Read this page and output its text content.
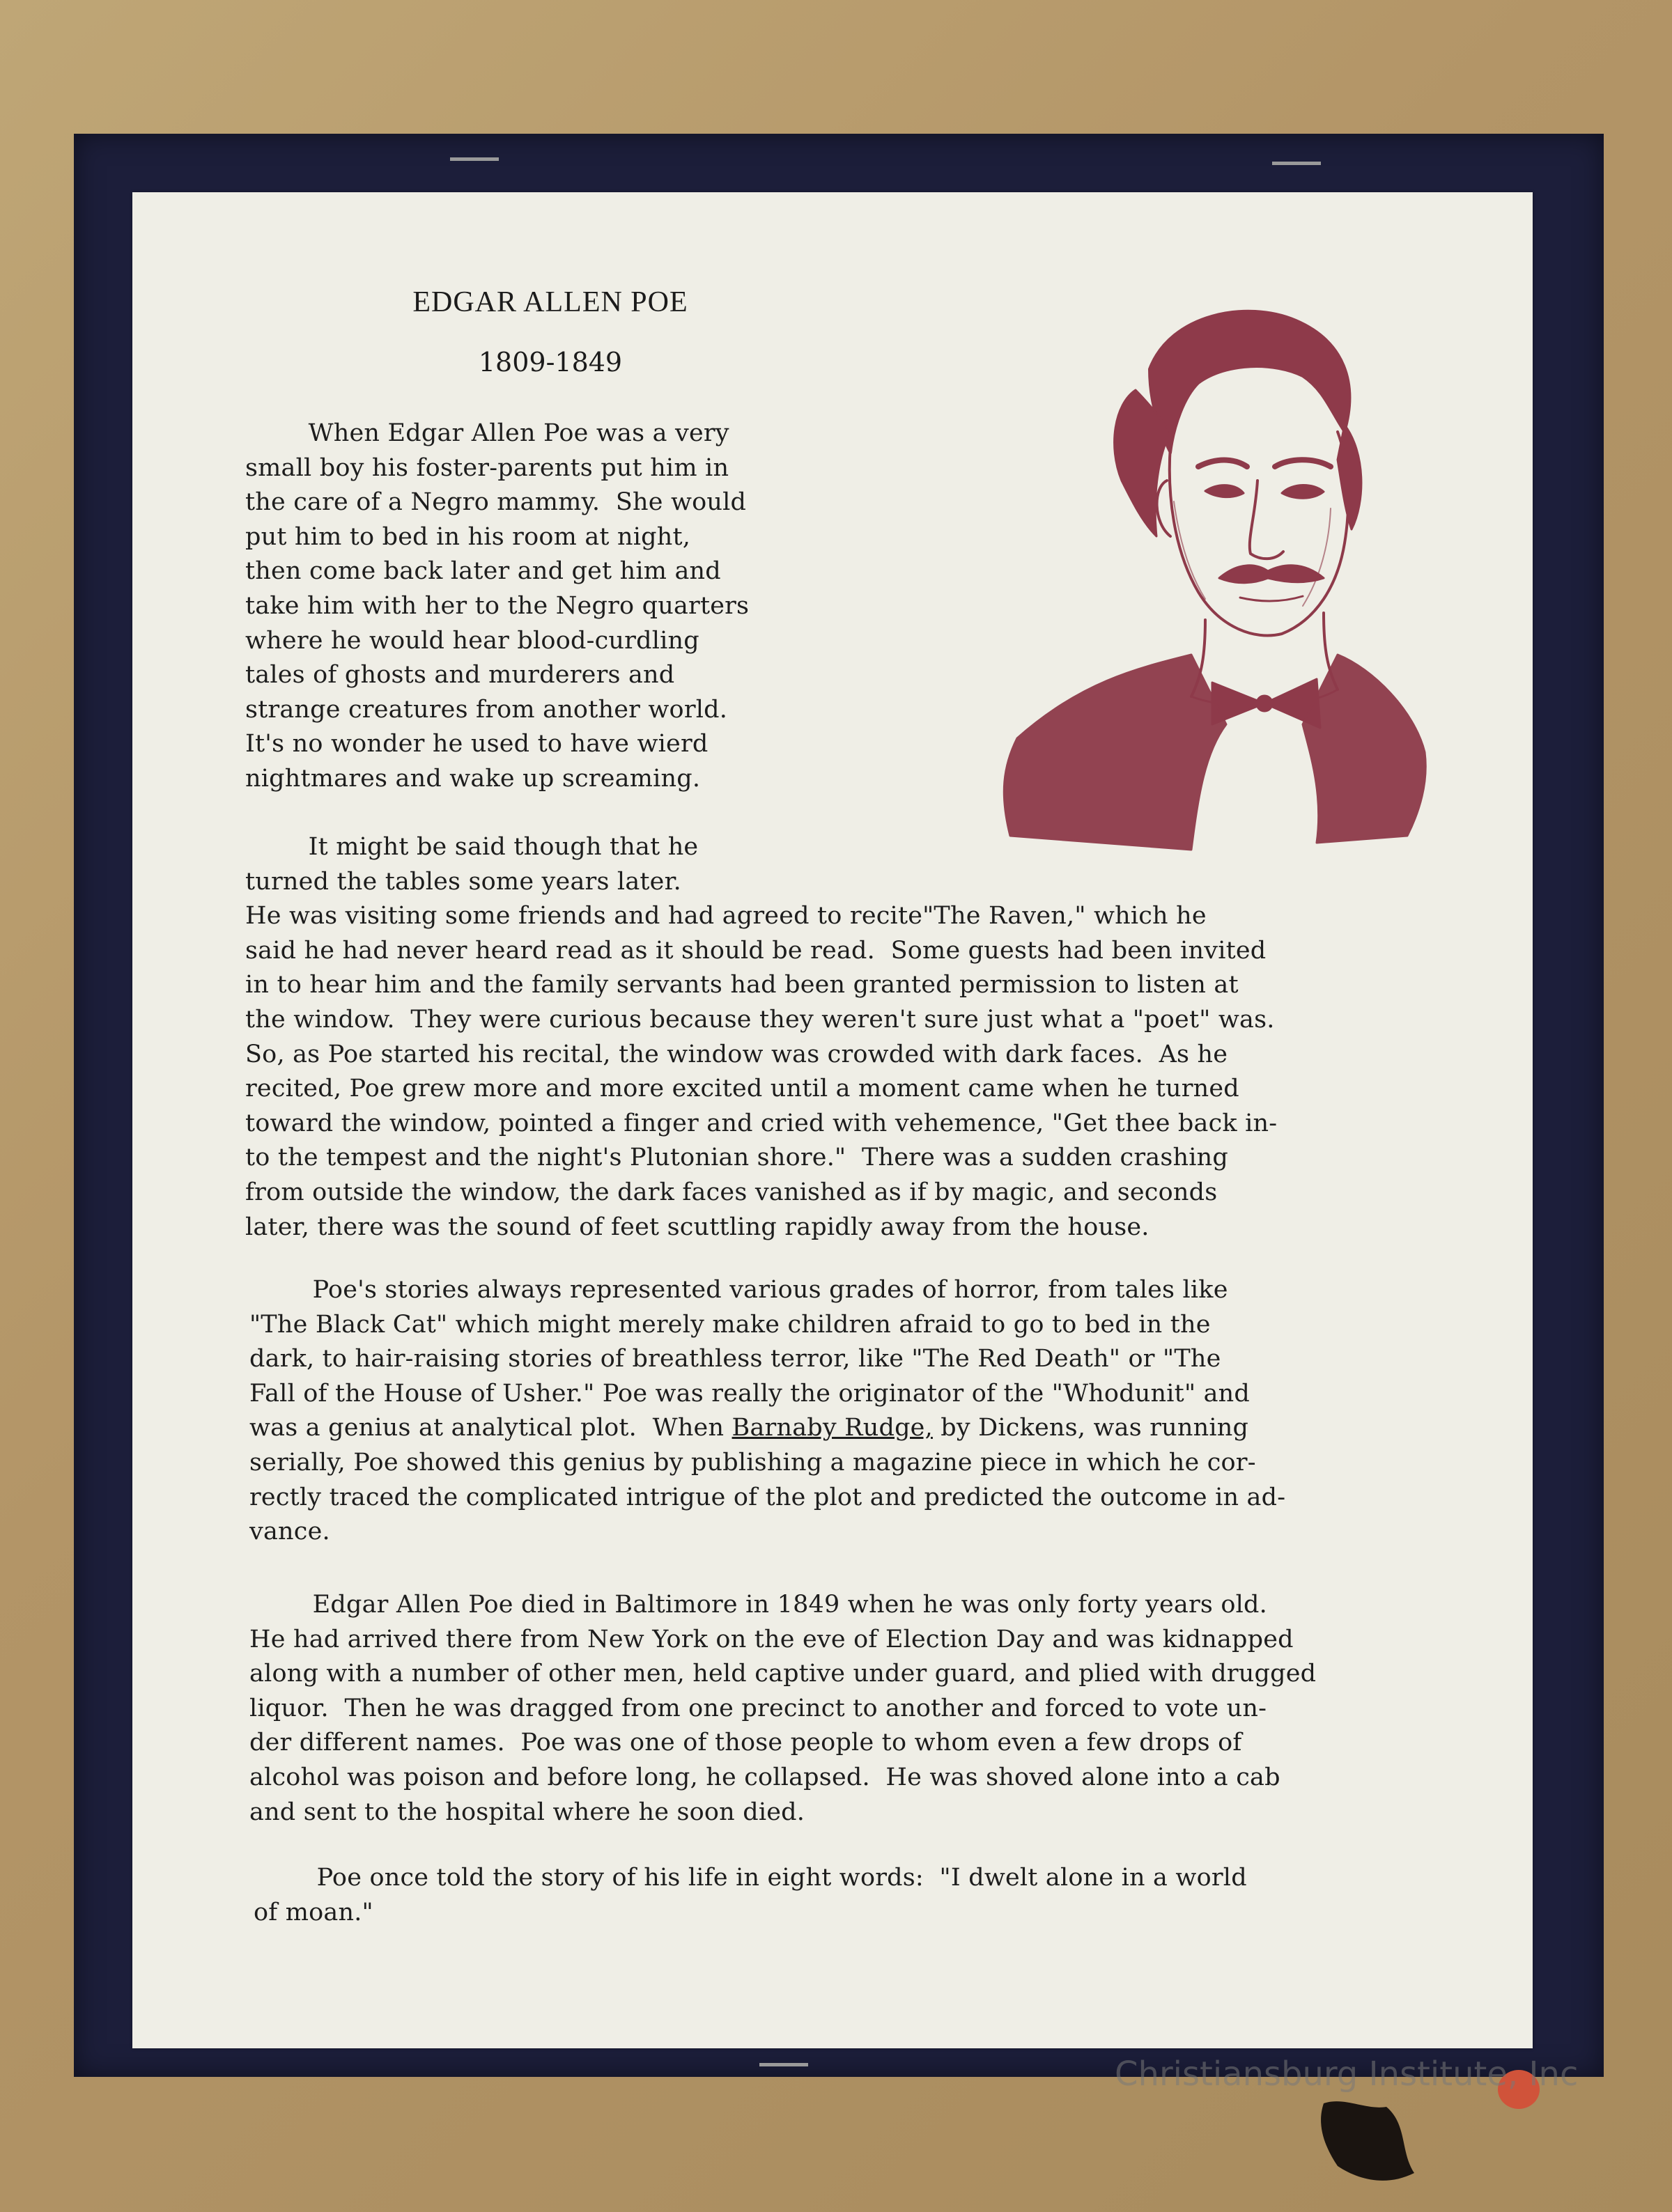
EDGAR ALLEN POE
1809-1849

When Edgar Allen Poe was a very
small boy his foster-parents put him in
the care of a Negro mammy.  She would
put him to bed in his room at night,
then come back later and get him and
take him with her to the Negro quarters
where he would hear blood-curdling
tales of ghosts and murderers and
strange creatures from another world.
It's no wonder he used to have wierd
nightmares and wake up screaming.

It might be said though that he
turned the tables some years later.
He was visiting some friends and had agreed to recite"The Raven," which he
said he had never heard read as it should be read.  Some guests had been invited
in to hear him and the family servants had been granted permission to listen at
the window.  They were curious because they weren't sure just what a "poet" was.
So, as Poe started his recital, the window was crowded with dark faces.  As he
recited, Poe grew more and more excited until a moment came when he turned
toward the window, pointed a finger and cried with vehemence, "Get thee back in-
to the tempest and the night's Plutonian shore."  There was a sudden crashing
from outside the window, the dark faces vanished as if by magic, and seconds
later, there was the sound of feet scuttling rapidly away from the house.

Poe's stories always represented various grades of horror, from tales like
"The Black Cat" which might merely make children afraid to go to bed in the
dark, to hair-raising stories of breathless terror, like "The Red Death" or "The
Fall of the House of Usher." Poe was really the originator of the "Whodunit" and
was a genius at analytical plot.  When Barnaby Rudge, by Dickens, was running
serially, Poe showed this genius by publishing a magazine piece in which he cor-
rectly traced the complicated intrigue of the plot and predicted the outcome in ad-
vance.

Edgar Allen Poe died in Baltimore in 1849 when he was only forty years old.
He had arrived there from New York on the eve of Election Day and was kidnapped
along with a number of other men, held captive under guard, and plied with drugged
liquor.  Then he was dragged from one precinct to another and forced to vote un-
der different names.  Poe was one of those people to whom even a few drops of
alcohol was poison and before long, he collapsed.  He was shoved alone into a cab
and sent to the hospital where he soon died.

Poe once told the story of his life in eight words:  "I dwelt alone in a world
of moan."

Christiansburg Institute, Inc
